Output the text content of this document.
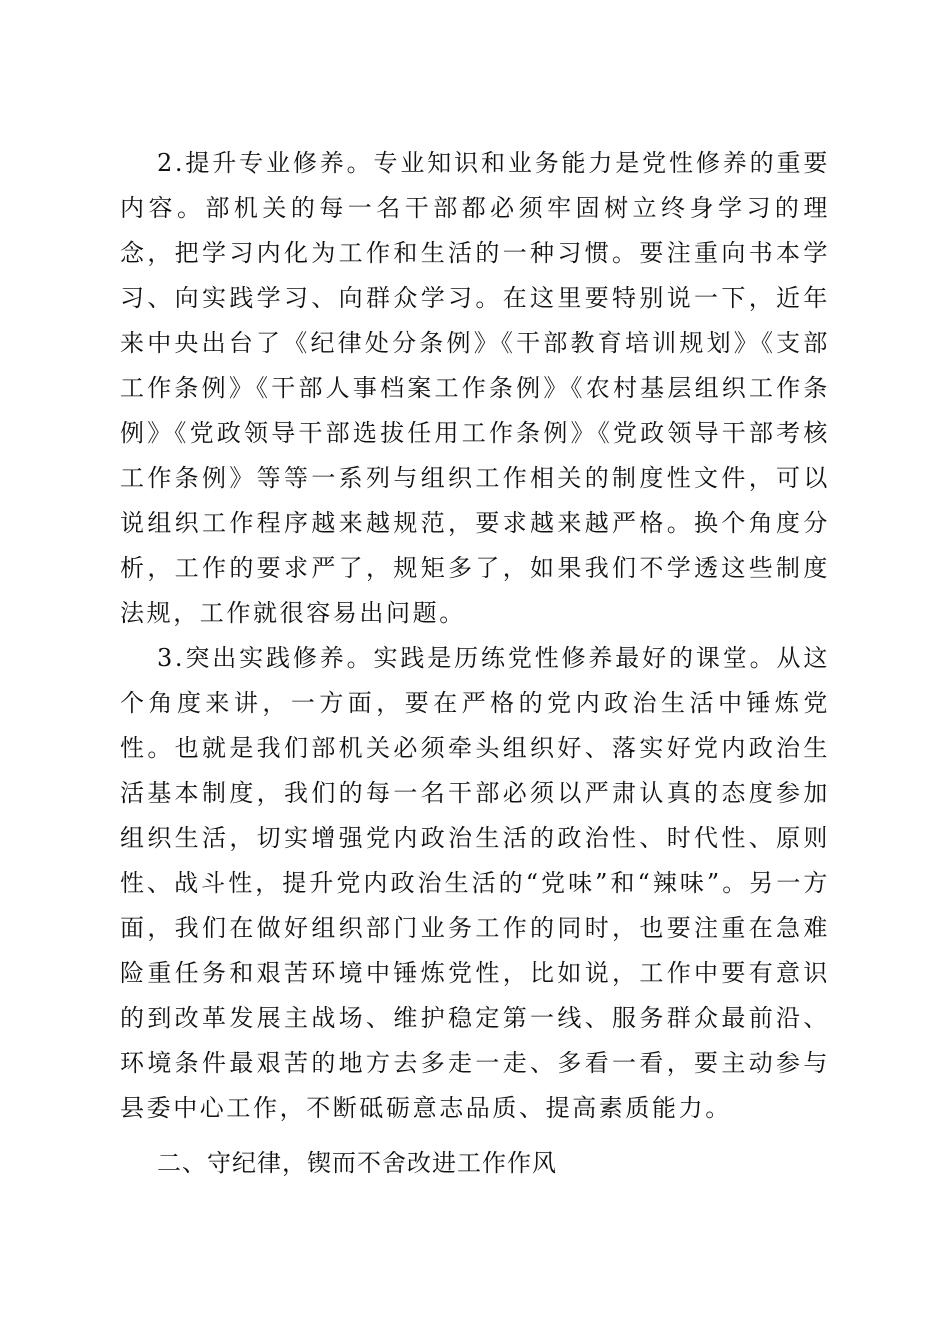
2.提升专业修养。专业知识和业务能力是党性修养的重要内容。部机关的每一名干部都必须牢固树立终身学习的理念，把学习内化为工作和生活的一种习惯。要注重向书本学习、向实践学习、向群众学习。在这里要特别说一下，近年来中央出台了《纪律处分条例》《干部教育培训规划》《支部工作条例》《干部人事档案工作条例》《农村基层组织工作条例》《党政领导干部选拔任用工作条例》《党政领导干部考核工作条例》等等一系列与组织工作相关的制度性文件，可以说组织工作程序越来越规范，要求越来越严格。换个角度分析，工作的要求严了，规矩多了，如果我们不学透这些制度法规，工作就很容易出问题。

3.突出实践修养。实践是历练党性修养最好的课堂。从这个角度来讲，一方面，要在严格的党内政治生活中锤炼党性。也就是我们部机关必须牵头组织好、落实好党内政治生活基本制度，我们的每一名干部必须以严肃认真的态度参加组织生活，切实增强党内政治生活的政治性、时代性、原则性、战斗性，提升党内政治生活的“党味”和“辣味”。另一方面，我们在做好组织部门业务工作的同时，也要注重在急难险重任务和艰苦环境中锤炼党性，比如说，工作中要有意识的到改革发展主战场、维护稳定第一线、服务群众最前沿、环境条件最艰苦的地方去多走一走、多看一看，要主动参与县委中心工作，不断砥砺意志品质、提高素质能力。

二、守纪律，锲而不舍改进工作作风
